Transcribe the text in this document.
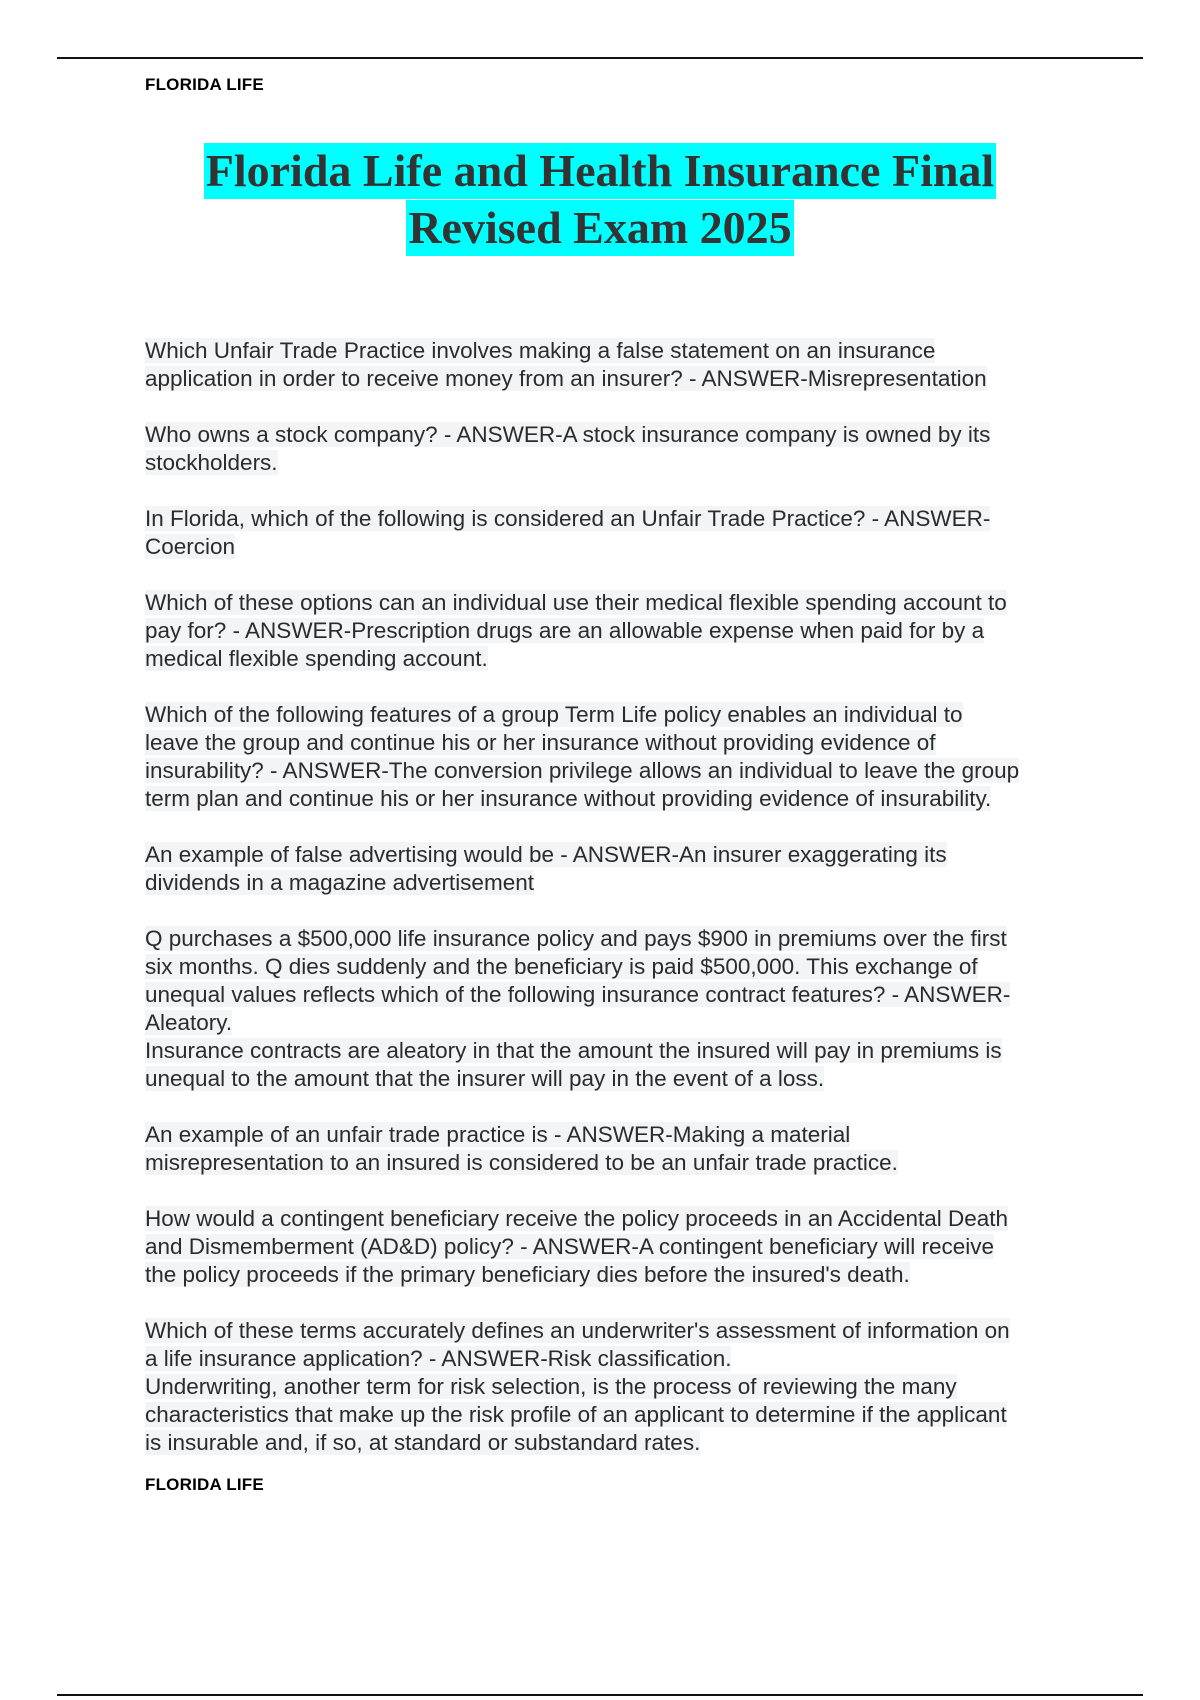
FLORIDA LIFE
Florida Life and Health Insurance Final
Revised Exam 2025

Which Unfair Trade Practice involves making a false statement on an insurance

application in order to receive money from an insurer? - ANSWER-Misrepresentation

Who owns a stock company? - ANSWER-A stock insurance company is owned by its

stockholders.

In Florida, which of the following is considered an Unfair Trade Practice? - ANSWER-

Coercion

Which of these options can an individual use their medical flexible spending account to

pay for? - ANSWER-Prescription drugs are an allowable expense when paid for by a

medical flexible spending account.

Which of the following features of a group Term Life policy enables an individual to

leave the group and continue his or her insurance without providing evidence of

insurability? - ANSWER-The conversion privilege allows an individual to leave the group

term plan and continue his or her insurance without providing evidence of insurability.

An example of false advertising would be - ANSWER-An insurer exaggerating its

dividends in a magazine advertisement

Q purchases a $500,000 life insurance policy and pays $900 in premiums over the first

six months. Q dies suddenly and the beneficiary is paid $500,000. This exchange of

unequal values reflects which of the following insurance contract features? - ANSWER-

Aleatory.

Insurance contracts are aleatory in that the amount the insured will pay in premiums is

unequal to the amount that the insurer will pay in the event of a loss.

An example of an unfair trade practice is - ANSWER-Making a material

misrepresentation to an insured is considered to be an unfair trade practice.

How would a contingent beneficiary receive the policy proceeds in an Accidental Death

and Dismemberment (AD&D) policy? - ANSWER-A contingent beneficiary will receive

the policy proceeds if the primary beneficiary dies before the insured's death.

Which of these terms accurately defines an underwriter's assessment of information on

a life insurance application? - ANSWER-Risk classification.

Underwriting, another term for risk selection, is the process of reviewing the many

characteristics that make up the risk profile of an applicant to determine if the applicant

is insurable and, if so, at standard or substandard rates.

FLORIDA LIFE
